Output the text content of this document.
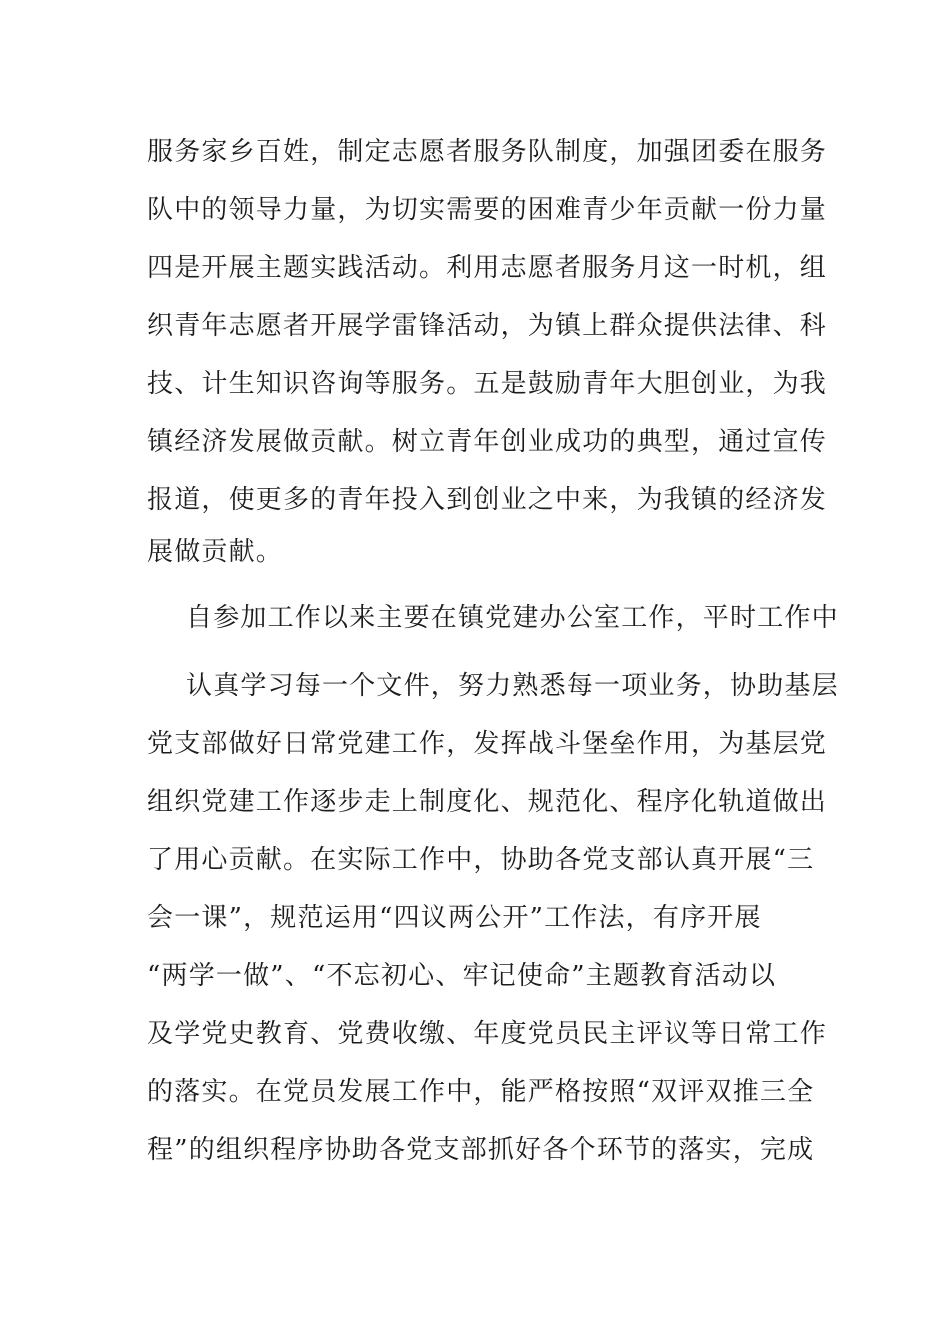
服务家乡百姓，制定志愿者服务队制度，加强团委在服务
队中的领导力量，为切实需要的困难青少年贡献一份力量
四是开展主题实践活动。利用志愿者服务月这一时机，组
织青年志愿者开展学雷锋活动，为镇上群众提供法律、科
技、计生知识咨询等服务。五是鼓励青年大胆创业，为我
镇经济发展做贡献。树立青年创业成功的典型，通过宣传
报道，使更多的青年投入到创业之中来，为我镇的经济发
展做贡献。
自参加工作以来主要在镇党建办公室工作，平时工作中
认真学习每一个文件，努力熟悉每一项业务，协助基层
党支部做好日常党建工作，发挥战斗堡垒作用，为基层党
组织党建工作逐步走上制度化、规范化、程序化轨道做出
了用心贡献。在实际工作中，协助各党支部认真开展“三
会一课”，规范运用“四议两公开”工作法，有序开展
“两学一做”、“不忘初心、牢记使命”主题教育活动以
及学党史教育、党费收缴、年度党员民主评议等日常工作
的落实。在党员发展工作中，能严格按照“双评双推三全
程”的组织程序协助各党支部抓好各个环节的落实，完成
